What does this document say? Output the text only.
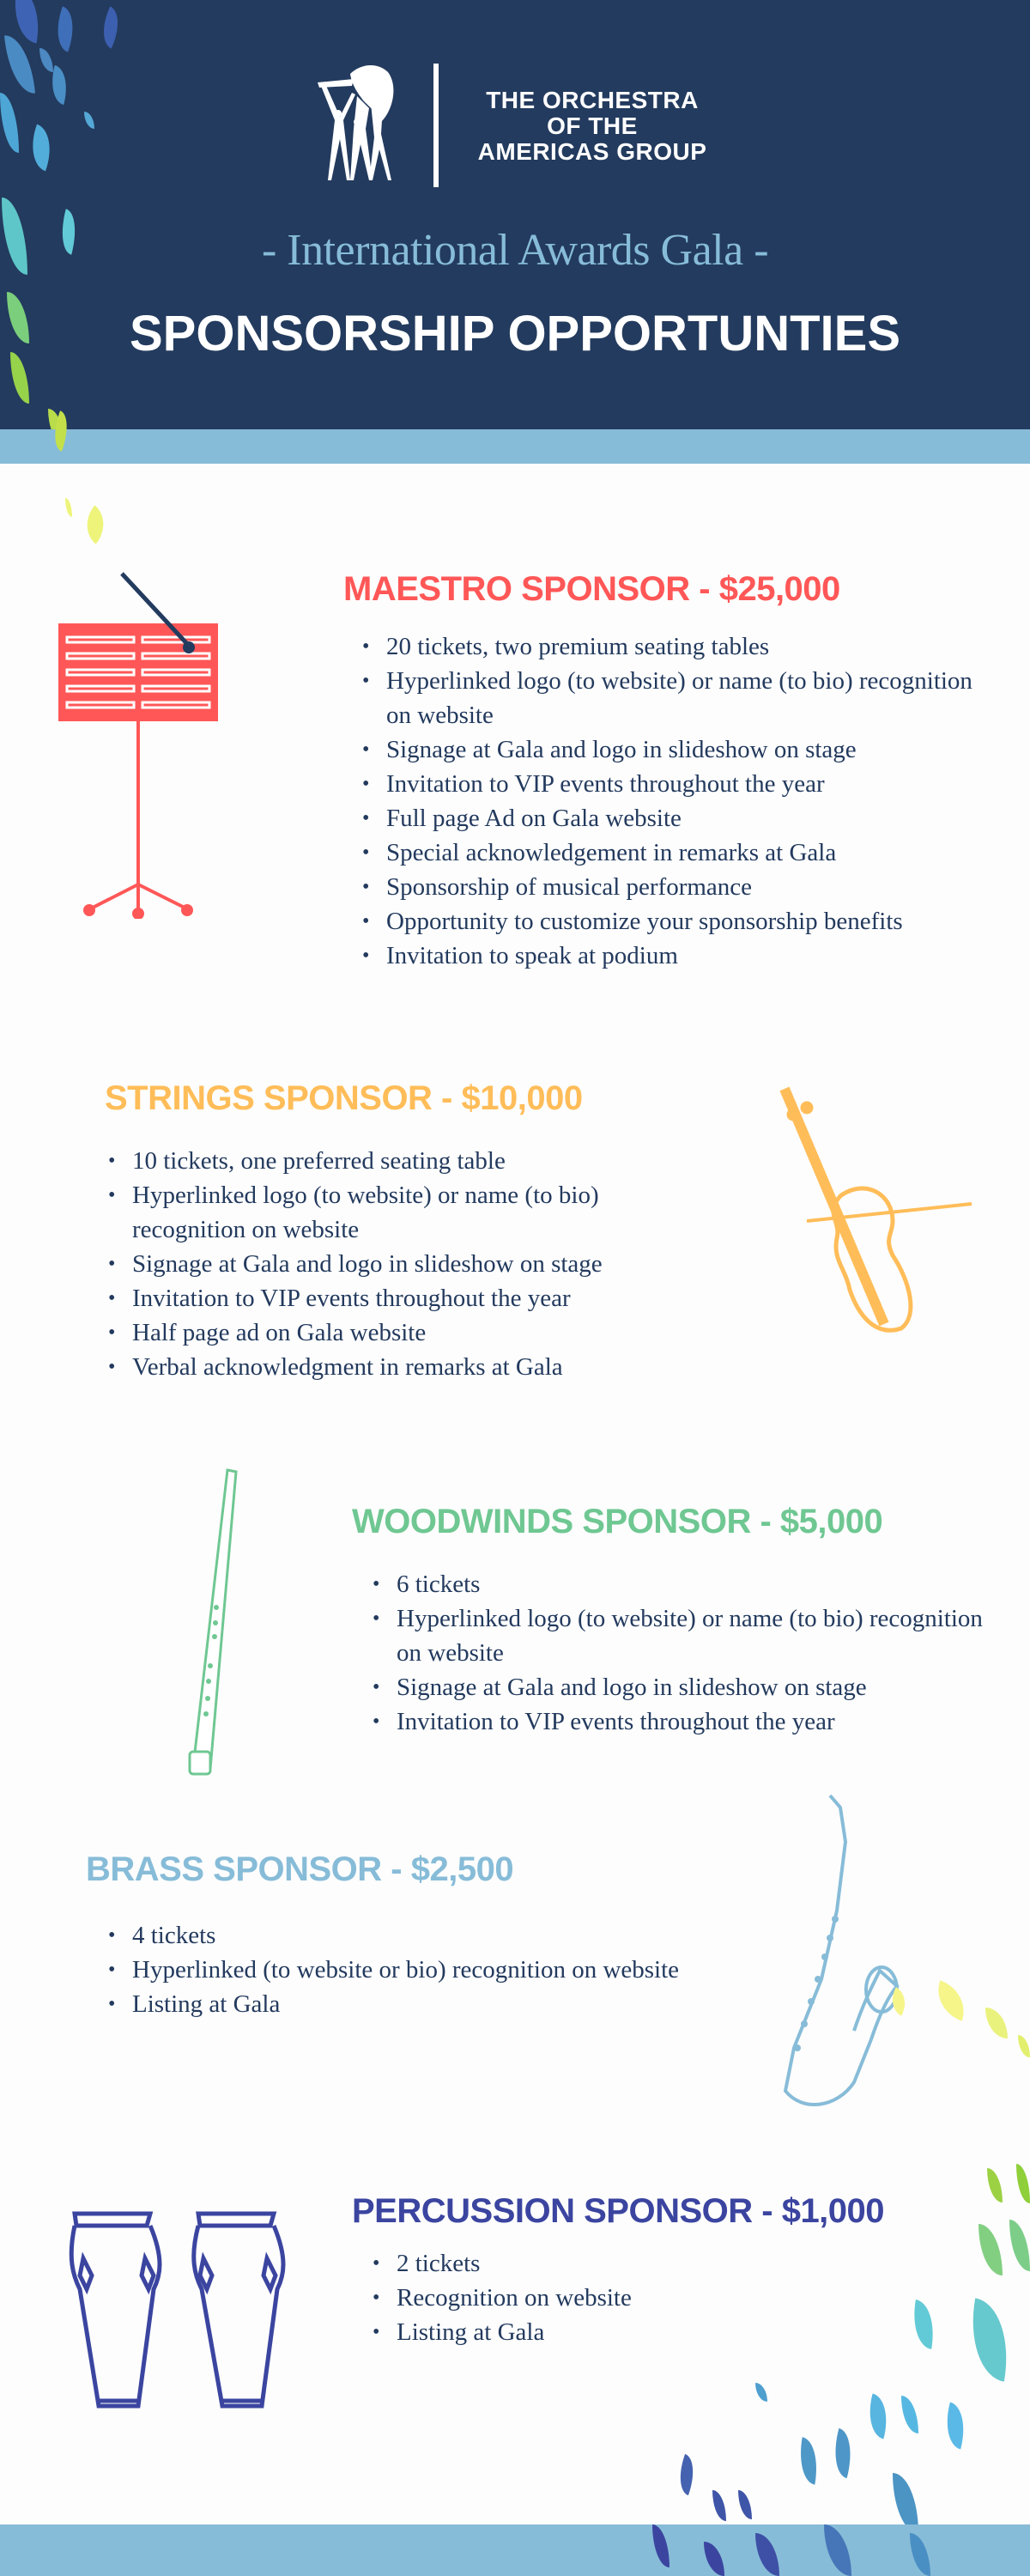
THE ORCHESTRA
OF THE
AMERICAS GROUP
- International Awards Gala -
SPONSORSHIP OPPORTUNTIES
MAESTRO SPONSOR - $25,000
• 20 tickets, two premium seating tables
• Hyperlinked logo (to website) or name (to bio) recognition on website
• Signage at Gala and logo in slideshow on stage
• Invitation to VIP events throughout the year
• Full page Ad on Gala website
• Special acknowledgement in remarks at Gala
• Sponsorship of musical performance
• Opportunity to customize your sponsorship benefits
• Invitation to speak at podium
STRINGS SPONSOR - $10,000
• 10 tickets, one preferred seating table
• Hyperlinked logo (to website) or name (to bio) recognition on website
• Signage at Gala and logo in slideshow on stage
• Invitation to VIP events throughout the year
• Half page ad on Gala website
• Verbal acknowledgment in remarks at Gala
WOODWINDS SPONSOR - $5,000
• 6 tickets
• Hyperlinked logo (to website) or name (to bio) recognition on website
• Signage at Gala and logo in slideshow on stage
• Invitation to VIP events throughout the year
BRASS SPONSOR - $2,500
• 4 tickets
• Hyperlinked (to website or bio) recognition on website
• Listing at Gala
PERCUSSION SPONSOR - $1,000
• 2 tickets
• Recognition on website
• Listing at Gala
